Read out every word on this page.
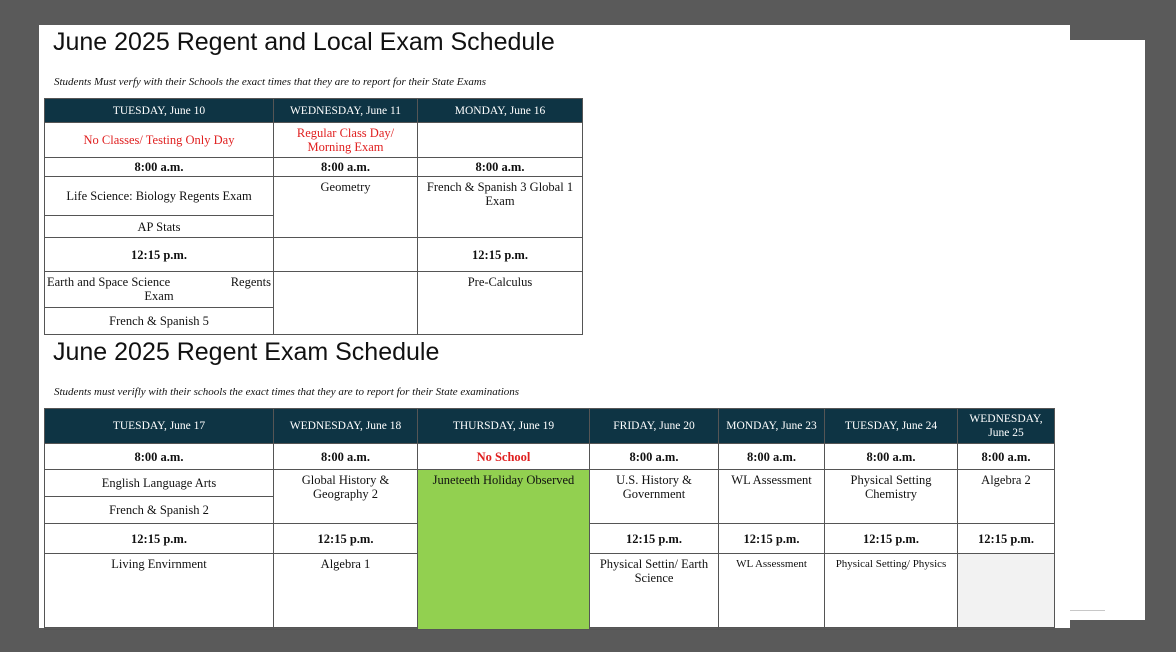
June 2025 Regent and Local Exam Schedule
Students Must verfy with their Schools the exact times that they are to report for their State Exams
TUESDAY, June 10	WEDNESDAY, June 11	MONDAY, June 16
No Classes/ Testing Only Day	Regular Class Day/ Morning Exam	
8:00 a.m.	8:00 a.m.	8:00 a.m.
Life Science: Biology Regents Exam	Geometry	French & Spanish 3 Global 1 Exam
AP Stats		
12:15 p.m.		12:15 p.m.

Earth and Space Science Regents
Exam		Pre-Calculus
French & Spanish 5		
June 2025 Regent Exam Schedule
Students must verifly with their schools the exact times that they are to report for their State examinations
TUESDAY, June 17	WEDNESDAY, June 18	THURSDAY, June 19	FRIDAY, June 20	MONDAY, June 23	TUESDAY, June 24	WEDNESDAY, June 25
8:00 a.m.	8:00 a.m.	No School	8:00 a.m.	8:00 a.m.	8:00 a.m.	8:00 a.m.
English Language Arts	Global History & Geography 2	Juneteeth Holiday Observed	U.S. History & Government	WL Assessment	Physical Setting Chemistry	Algebra 2
French & Spanish 2						
12:15 p.m.	12:15 p.m.		12:15 p.m.	12:15 p.m.	12:15 p.m.	12:15 p.m.
Living Envirnment	Algebra 1		Physical Settin/ Earth Science	WL Assessment	Physical Setting/ Physics	
